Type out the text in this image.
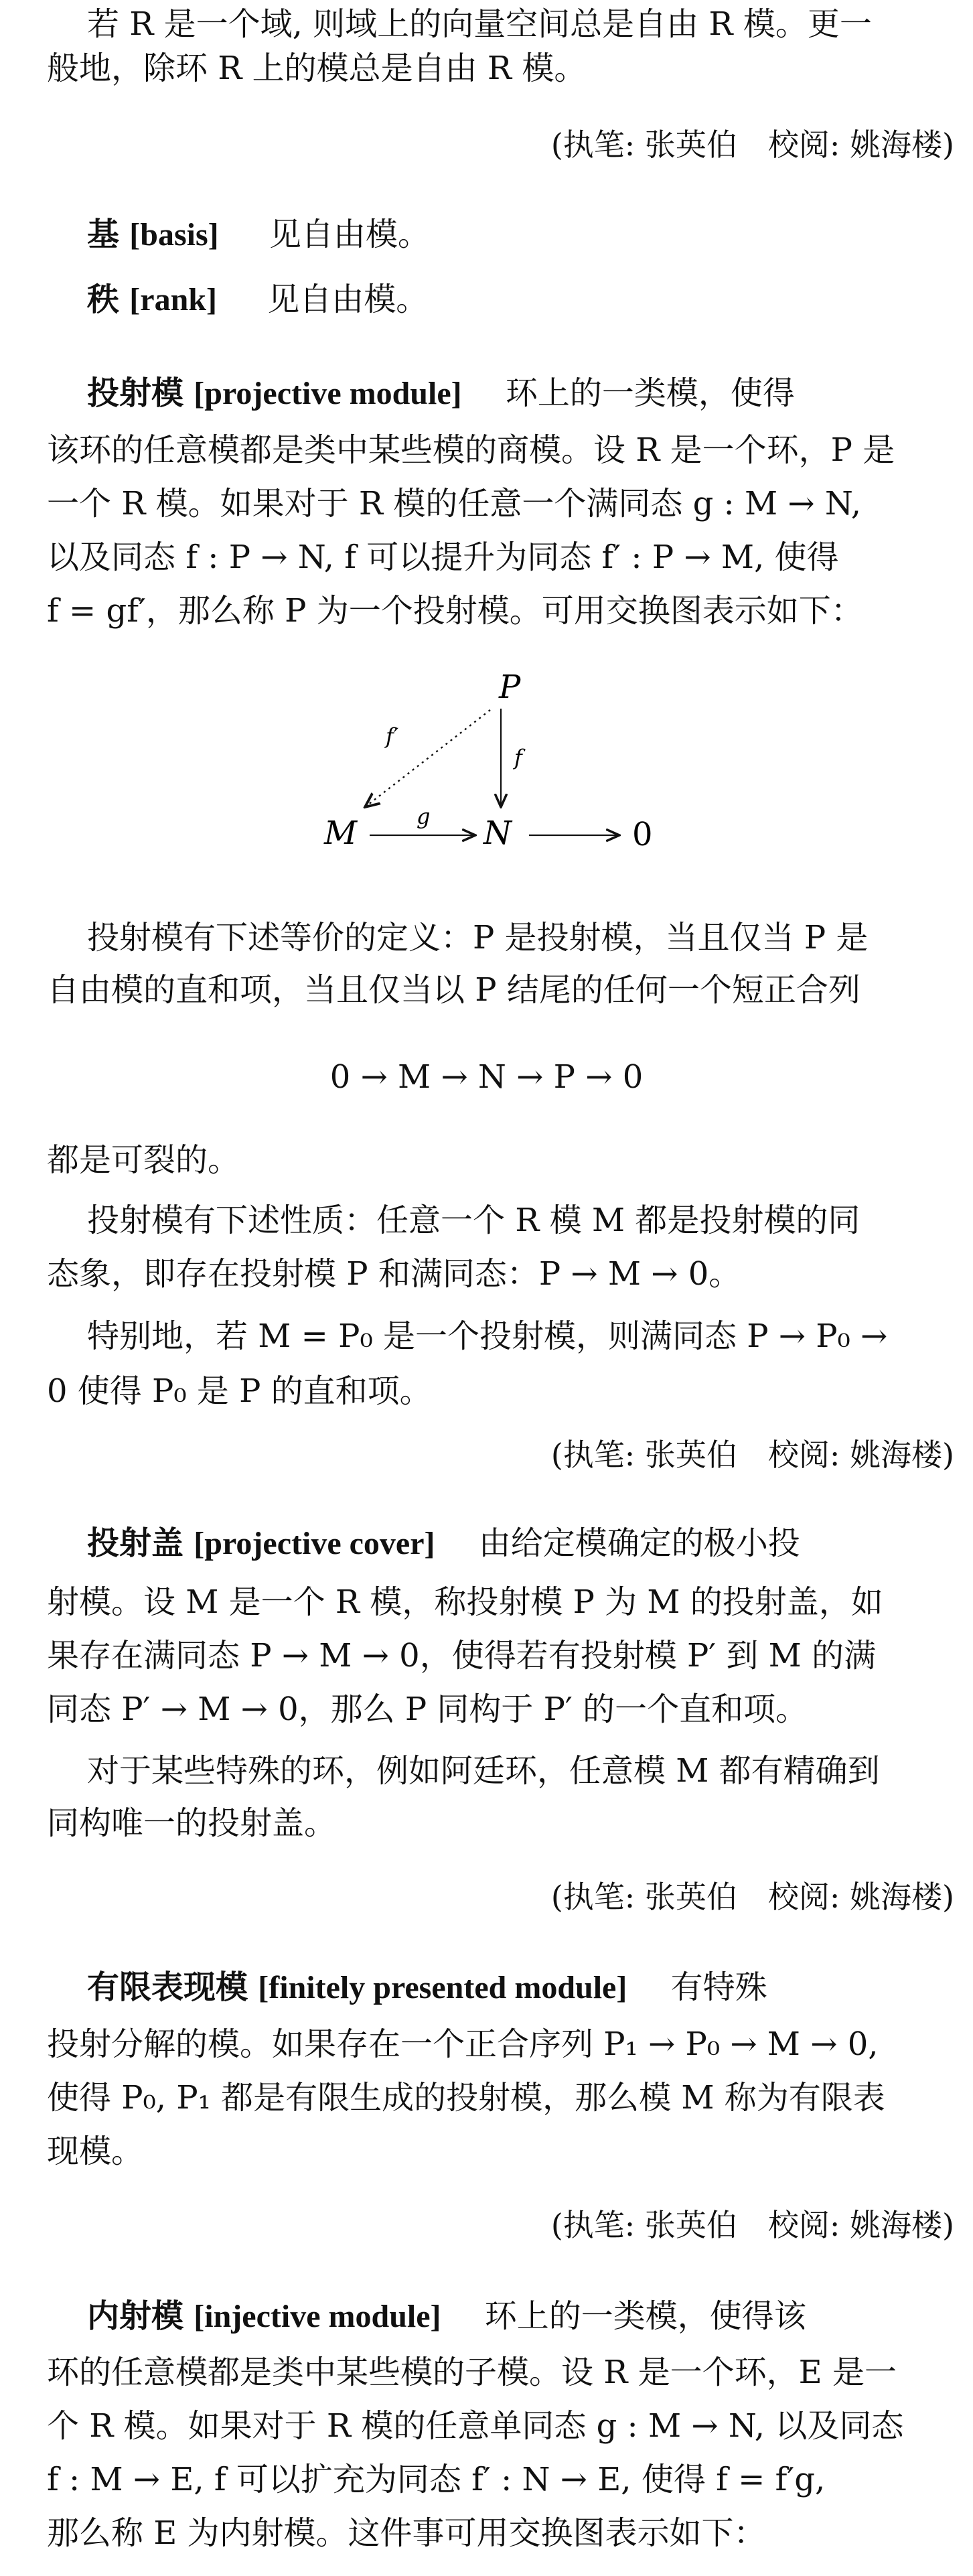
若 R 是一个域, 则域上的向量空间总是自由 R 模。更一
般地，除环 R 上的模总是自由 R 模。
(执笔: 张英伯　校阅: 姚海楼)
基 [basis] 见自由模。
秩 [rank] 见自由模。
投射模 [projective module] 环上的一类模，使得
该环的任意模都是类中某些模的商模。设 R 是一个环，P 是
一个 R 模。如果对于 R 模的任意一个满同态 g : M → N,
以及同态 f : P → N, f 可以提升为同态 f′ : P → M, 使得
f = gf′，那么称 P 为一个投射模。可用交换图表示如下：
P
f
f′
M	g N	0
投射模有下述等价的定义：P 是投射模，当且仅当 P 是
自由模的直和项，当且仅当以 P 结尾的任何一个短正合列
0 → M → N → P → 0
都是可裂的。
投射模有下述性质：任意一个 R 模 M 都是投射模的同
态象，即存在投射模 P 和满同态：P → M → 0。
特别地，若 M = P₀ 是一个投射模，则满同态 P → P₀ →
0 使得 P₀ 是 P 的直和项。
(执笔: 张英伯　校阅: 姚海楼)
投射盖 [projective cover] 由给定模确定的极小投
射模。设 M 是一个 R 模，称投射模 P 为 M 的投射盖，如
果存在满同态 P → M → 0，使得若有投射模 P′ 到 M 的满
同态 P′ → M → 0，那么 P 同构于 P′ 的一个直和项。
对于某些特殊的环，例如阿廷环，任意模 M 都有精确到
同构唯一的投射盖。
(执笔: 张英伯　校阅: 姚海楼)
有限表现模 [finitely presented module] 有特殊
投射分解的模。如果存在一个正合序列 P₁ → P₀ → M → 0,
使得 P₀, P₁ 都是有限生成的投射模，那么模 M 称为有限表
现模。
(执笔: 张英伯　校阅: 姚海楼)
内射模 [injective module] 环上的一类模，使得该
环的任意模都是类中某些模的子模。设 R 是一个环，E 是一
个 R 模。如果对于 R 模的任意单同态 g : M → N, 以及同态
f : M → E, f 可以扩充为同态 f′ : N → E, 使得 f = f′g,
那么称 E 为内射模。这件事可用交换图表示如下：
